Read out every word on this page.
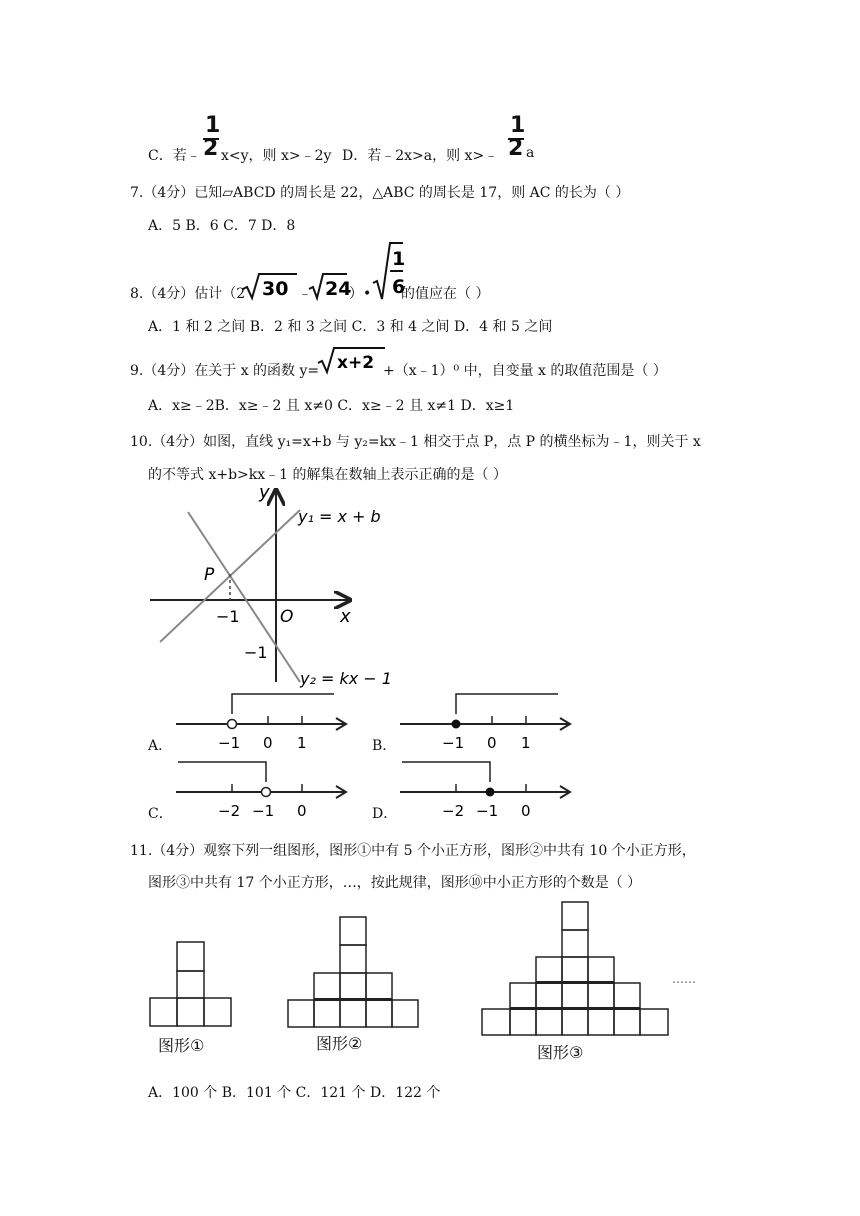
C．若﹣
1
2 x<y，则 x>﹣2y D．若﹣2x>a，则 x>﹣
1
2 a
7.（4分）已知▱ABCD 的周长是 22，△ABC 的周长是 17，则 AC 的长为（ ）
A．5 B．6 C．7 D．8
8.（4分）估计（2 30 ﹣ 24
）•
1
6
的值应在（ ）
A．1 和 2 之间 B．2 和 3 之间 C．3 和 4 之间 D．4 和 5 之间
9.（4分）在关于 x 的函数 y= x+2 +（x﹣1）⁰ 中，自变量 x 的取值范围是（ ）
A．x≥﹣2B．x≥﹣2 且 x≠0 C．x≥﹣2 且 x≠1 D．x≥1
10.（4分）如图，直线 y₁=x+b 与 y₂=kx﹣1 相交于点 P，点 P 的横坐标为﹣1，则关于 x
的不等式 x+b>kx﹣1 的解集在数轴上表示正确的是（ ）
y
x
O
P
−1
−1
y₁ = x + b
y₂ = kx − 1
A．	−1 0 1	B．	−1 0 1
C．	−2 −1 0	D．	−2 −1 0
11.（4分）观察下列一组图形，图形①中有 5 个小正方形，图形②中共有 10 个小正方形，
图形③中共有 17 个小正方形，…，按此规律，图形⑩中小正方形的个数是（ ）
图形①	图形②	图形③
……
A．100 个 B．101 个 C．121 个 D．122 个
